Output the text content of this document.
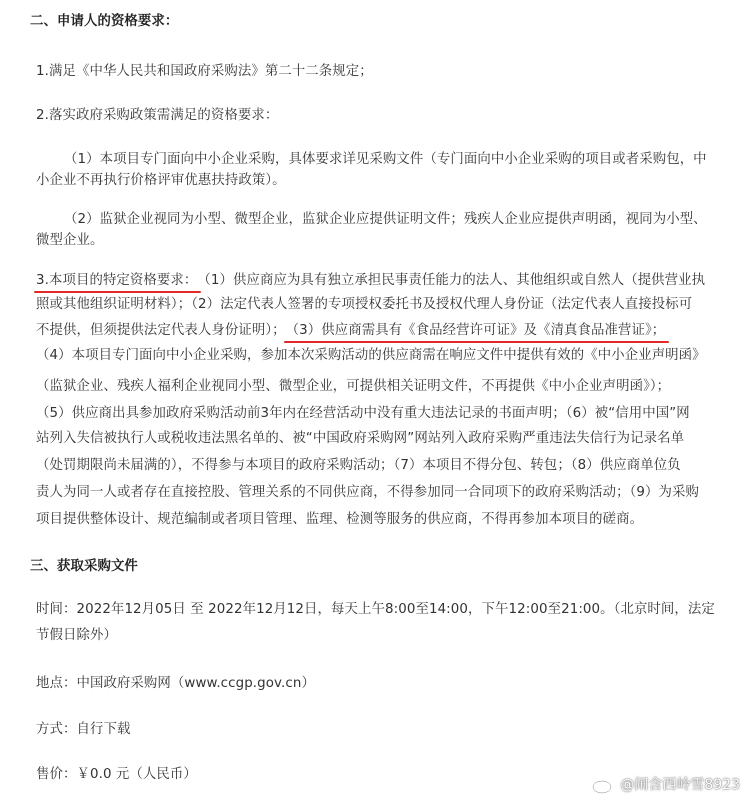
二、申请人的资格要求：
1.满足《中华人民共和国政府采购法》第二十二条规定；
2.落实政府采购政策需满足的资格要求：
（1）本项目专门面向中小企业采购，具体要求详见采购文件（专门面向中小企业采购的项目或者采购包，中
小企业不再执行价格评审优惠扶持政策）。
（2）监狱企业视同为小型、微型企业，监狱企业应提供证明文件；残疾人企业应提供声明函，视同为小型、
微型企业。
3.本项目的特定资格要求：（1）供应商应为具有独立承担民事责任能力的法人、其他组织或自然人（提供营业执
照或其他组织证明材料）；（2）法定代表人签署的专项授权委托书及授权代理人身份证（法定代表人直接投标可
不提供，但须提供法定代表人身份证明）；（3）供应商需具有《食品经营许可证》及《清真食品准营证》；
（4）本项目专门面向中小企业采购，参加本次采购活动的供应商需在响应文件中提供有效的《中小企业声明函》
（监狱企业、残疾人福利企业视同小型、微型企业，可提供相关证明文件，不再提供《中小企业声明函》）；
（5）供应商出具参加政府采购活动前3年内在经营活动中没有重大违法记录的书面声明；（6）被“信用中国”网
站列入失信被执行人或税收违法黑名单的、被“中国政府采购网”网站列入政府采购严重违法失信行为记录名单
（处罚期限尚未届满的），不得参与本项目的政府采购活动；（7）本项目不得分包、转包；（8）供应商单位负
责人为同一人或者存在直接控股、管理关系的不同供应商，不得参加同一合同项下的政府采购活动；（9）为采购
项目提供整体设计、规范编制或者项目管理、监理、检测等服务的供应商，不得再参加本项目的磋商。
三、获取采购文件
时间：2022年12月05日 至 2022年12月12日，每天上午8:00至14:00，下午12:00至21:00。（北京时间，法定
节假日除外）
地点：中国政府采购网（www.ccgp.gov.cn）
方式：自行下载
售价：￥0.0 元（人民币）
@闹含西岭雪8923
